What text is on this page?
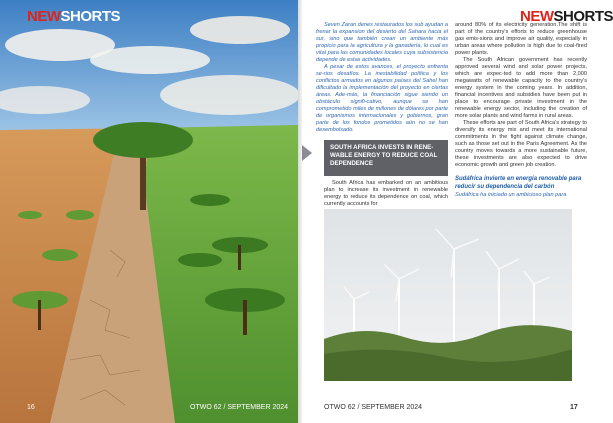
NEWSHORTS
16	OTWO 62 / SEPTEMBER 2024
NEWSHORTS

Seven Zaran denes restaurados los sub ayudan a frenar la expansion del desierto del Sahara hacia el sur, sino que también crean un ambiente más propicio para la agricultura y la ganadería, lo cual es vital para las comunidades locales cuya subsistencia depende de estas actividades.

A pesar de estos avances, el proyecto enfrenta se-rios desafíos. La inestabilidad política y los conflictos armados en algunos países del Sahel han dificultado la implementación del proyecto en ciertas áreas. Ade-más, la financiación sigue siendo un obstáculo signifi-cativo, aunque se han comprometido miles de millones de dólares por parte de organismos internacionales y gobiernos, gran parte de los fondos prometidos aún no se han desembolsado.

SOUTH AFRICA INVESTS IN RENE-WABLE ENERGY TO REDUCE COAL DEPENDENCE

South Africa has embarked on an ambitious plan to increase its investment in renewable energy to reduce its dependence on coal, which currently accounts for

around 80% of its electricity generation.The shift is part of the country's efforts to reduce greenhouse gas emis-sions and improve air quality, especially in urban areas where pollution is high due to coal-fired power plants.

The South African government has recently approved several wind and solar power projects, which are expec-ted to add more than 2,000 megawatts of renewable capacity to the country's energy system in the coming years. In addition, financial incentives and subsidies have been put in place to encourage private investment in the renewable energy sector, including the creation of more solar plants and wind farms in rural areas.

These efforts are part of South Africa's strategy to diversify its energy mix and meet its international commitments in the fight against climate change, such as those set out in the Paris Agreement. As the country moves towards a more sustainable future, these investments are also expected to drive economic growth and green job creation.

Sudáfrica invierte en energía renovable para reducir su dependencia del carbón
Sudáfrica ha iniciado un ambicioso plan para
OTWO 62 / SEPTEMBER 2024	17
